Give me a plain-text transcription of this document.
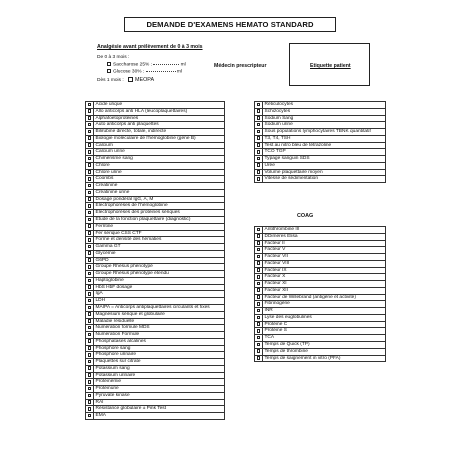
DEMANDE D'EXAMENS HEMATO STANDARD
Analgésie avant prélèvement de 0 à 3 mois
De 0 à 3 mois :
Saccharose 25% :	ml
Glucose 30% :	ml
Dès 1 mois : MEOPA
Médecin prescripteur	Etiquette patient
	Acide urique
	Allo anticorps anti HLA (leucoplaquettaires)
	Alphafoetoprotéines
	Auto anticorps anti plaquettes
	Bilirubine directe, totale, indirecte
	Biologie moléculaire de l'hémoglobine (gène B)
	Calcium
	Calcium urine
	Chimérisme sang
	Chlore
	Chlore urine
	Coombs
	Créatinine
	Créatinine urine
	Dosage pondéral IgG, A, M
	Electrophorèses de l'hémoglobine
	Electrophorèses des protéines sériques
	Etude de la fonction plaquettaire (diagnostic)
	Ferritine
	Fer sérique CSS CTF
	Forme et densité des hématies
	Gamma GT
	Glycémie
	G6PD
	Groupe Rhésus phénotypé
	Groupe Rhésus phénotype étendu
	Haptoglobine
	HbS HbF dosage
	IgA
	LDH
	MAIPA = Anticorps antiplaquettaires circulants et fixes
	Magnésium sérique et globulaire
	Maladie résiduelle
	Numération formule MDS
	Numération Formule
	Phosphatases alcalines
	Phosphore sang
	Phosphore urinaire
	Plaquettes sur citrate
	Potassium sang
	Potassium urinaire
	Protéinémie
	Protéinurie
	Pyruvate kinase
	RAI
	Résistance globulaire ± Pink Test
	EMA
	Réticulocytes
	Schizocytes
	Sodium Sang
	Sodium urine
	Sous populations lymphocytaires TBNK quantitatif
	T3, T4, TSH
	Test au nitro bleu de tétrazoline
	TCO TGP
	Typage sanguin SDS
	Urée
	Volume plaquettaire moyen
	Vitesse de sédimentation
COAG
	Antithrombine III
	DDimères Elisa
	Facteur II
	Facteur V
	Facteur VII
	Facteur VIII
	Facteur IX
	Facteur X
	Facteur XI
	Facteur XII
	Facteur de Willebrand (antigène et activité)
	Fibrinogène
	INR
	Lyse des euglobulines
	Protéine C
	Protéine S
	TCA
	Temps de Quick (TP)
	Temps de thrombine
	Temps de saignement in vitro (PFA)
